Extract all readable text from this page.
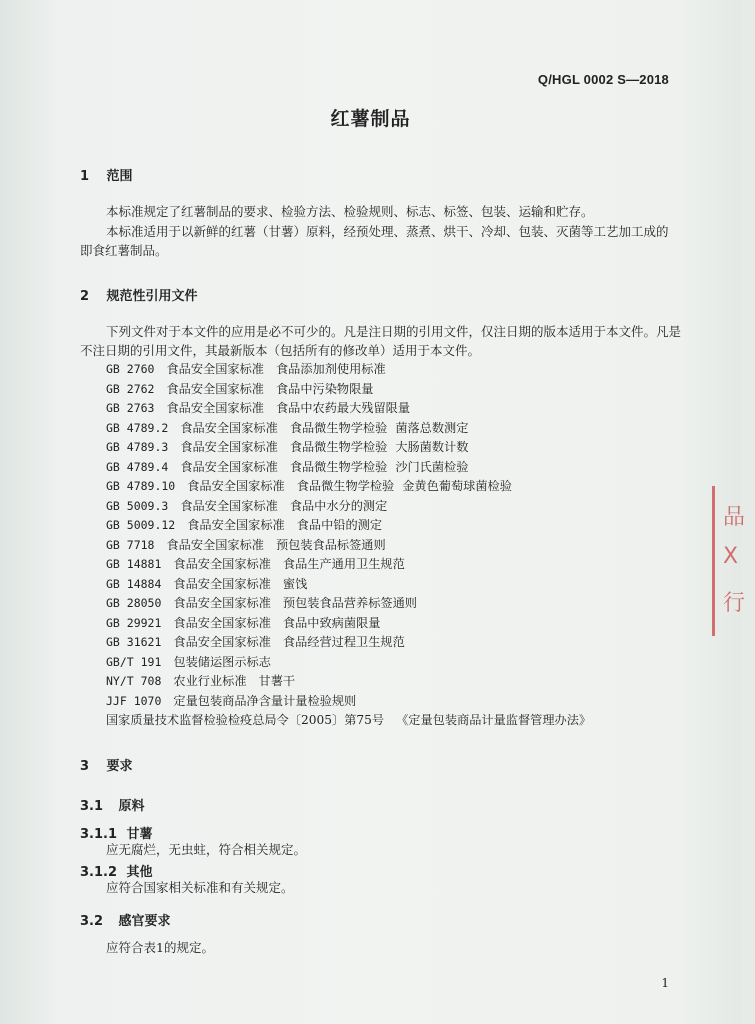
Q/HGL 0002 S—2018
红薯制品
1 范围
本标准规定了红薯制品的要求、检验方法、检验规则、标志、标签、包装、运输和贮存。
本标准适用于以新鲜的红薯（甘薯）原料，经预处理、蒸煮、烘干、冷却、包装、灭菌等工艺加工成的即食红薯制品。
2 规范性引用文件
下列文件对于本文件的应用是必不可少的。凡是注日期的引用文件，仅注日期的版本适用于本文件。凡是不注日期的引用文件，其最新版本（包括所有的修改单）适用于本文件。
GB 2760 食品安全国家标准 食品添加剂使用标准
GB 2762 食品安全国家标准 食品中污染物限量
GB 2763 食品安全国家标准 食品中农药最大残留限量
GB 4789.2 食品安全国家标准 食品微生物学检验 菌落总数测定
GB 4789.3 食品安全国家标准 食品微生物学检验 大肠菌数计数
GB 4789.4 食品安全国家标准 食品微生物学检验 沙门氏菌检验
GB 4789.10 食品安全国家标准 食品微生物学检验 金黄色葡萄球菌检验
GB 5009.3 食品安全国家标准 食品中水分的测定
GB 5009.12 食品安全国家标准 食品中铅的测定
GB 7718 食品安全国家标准 预包装食品标签通则
GB 14881 食品安全国家标准 食品生产通用卫生规范
GB 14884 食品安全国家标准 蜜饯
GB 28050 食品安全国家标准 预包装食品营养标签通则
GB 29921 食品安全国家标准 食品中致病菌限量
GB 31621 食品安全国家标准 食品经营过程卫生规范
GB/T 191 包装储运图示标志
NY/T 708 农业行业标准 甘薯干
JJF 1070 定量包装商品净含量计量检验规则
国家质量技术监督检验检疫总局令〔2005〕第75号 《定量包装商品计量监督管理办法》
3 要求
3.1 原料
3.1.1 甘薯
应无腐烂，无虫蛀，符合相关规定。
3.1.2 其他
应符合国家相关标准和有关规定。
3.2 感官要求
应符合表1的规定。
1
品
X
行
